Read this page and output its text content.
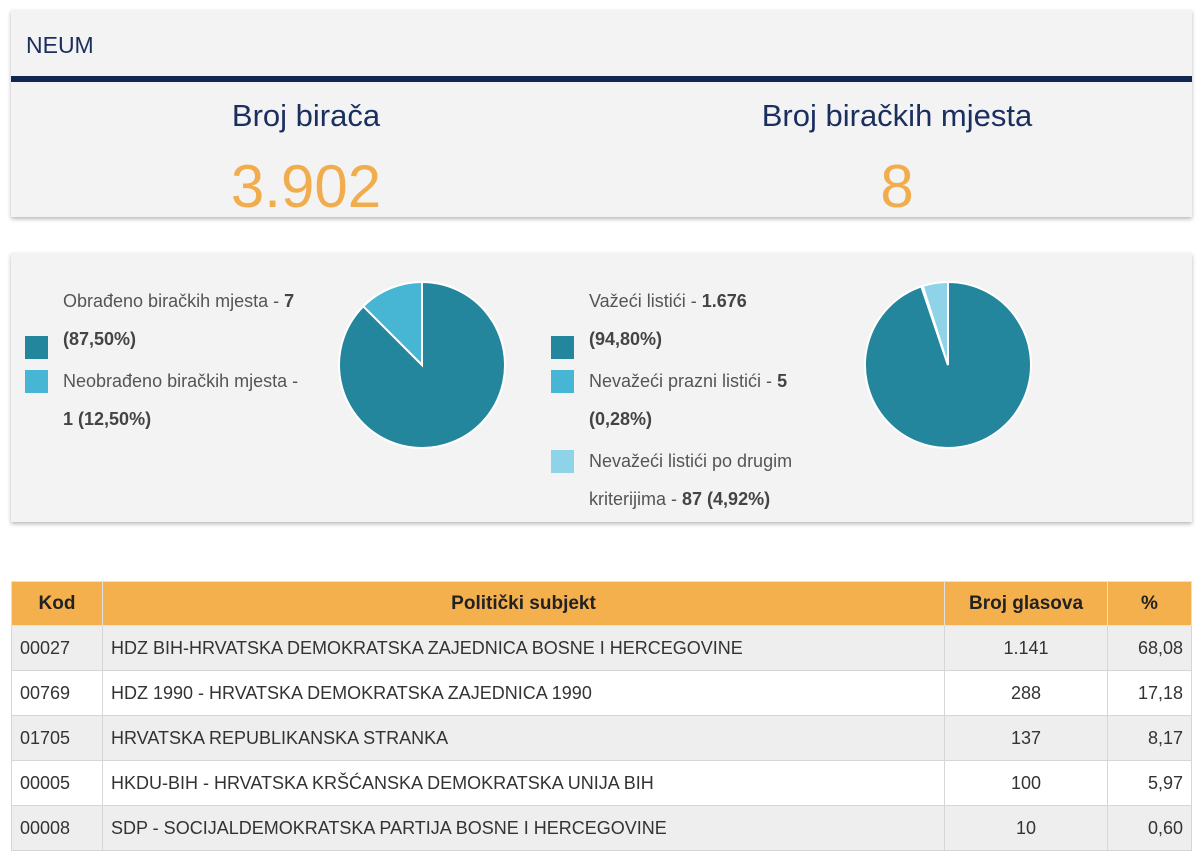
NEUM
Broj birača
3.902
Broj biračkih mjesta
8
Obrađeno biračkih mjesta - 7
(87,50%)
Neobrađeno biračkih mjesta -
1 (12,50%)
Važeći listići - 1.676
(94,80%)
Nevažeći prazni listići - 5
(0,28%)
Nevažeći listići po drugim kriterijima - 87 (4,92%)
Kod	Politički subjekt	Broj glasova	%
00027	HDZ BIH-HRVATSKA DEMOKRATSKA ZAJEDNICA BOSNE I HERCEGOVINE	1.141	68,08
00769	HDZ 1990 - HRVATSKA DEMOKRATSKA ZAJEDNICA 1990	288	17,18
01705	HRVATSKA REPUBLIKANSKA STRANKA	137	8,17
00005	HKDU-BIH - HRVATSKA KRŠĆANSKA DEMOKRATSKA UNIJA BIH	100	5,97
00008	SDP - SOCIJALDEMOKRATSKA PARTIJA BOSNE I HERCEGOVINE	10	0,60
